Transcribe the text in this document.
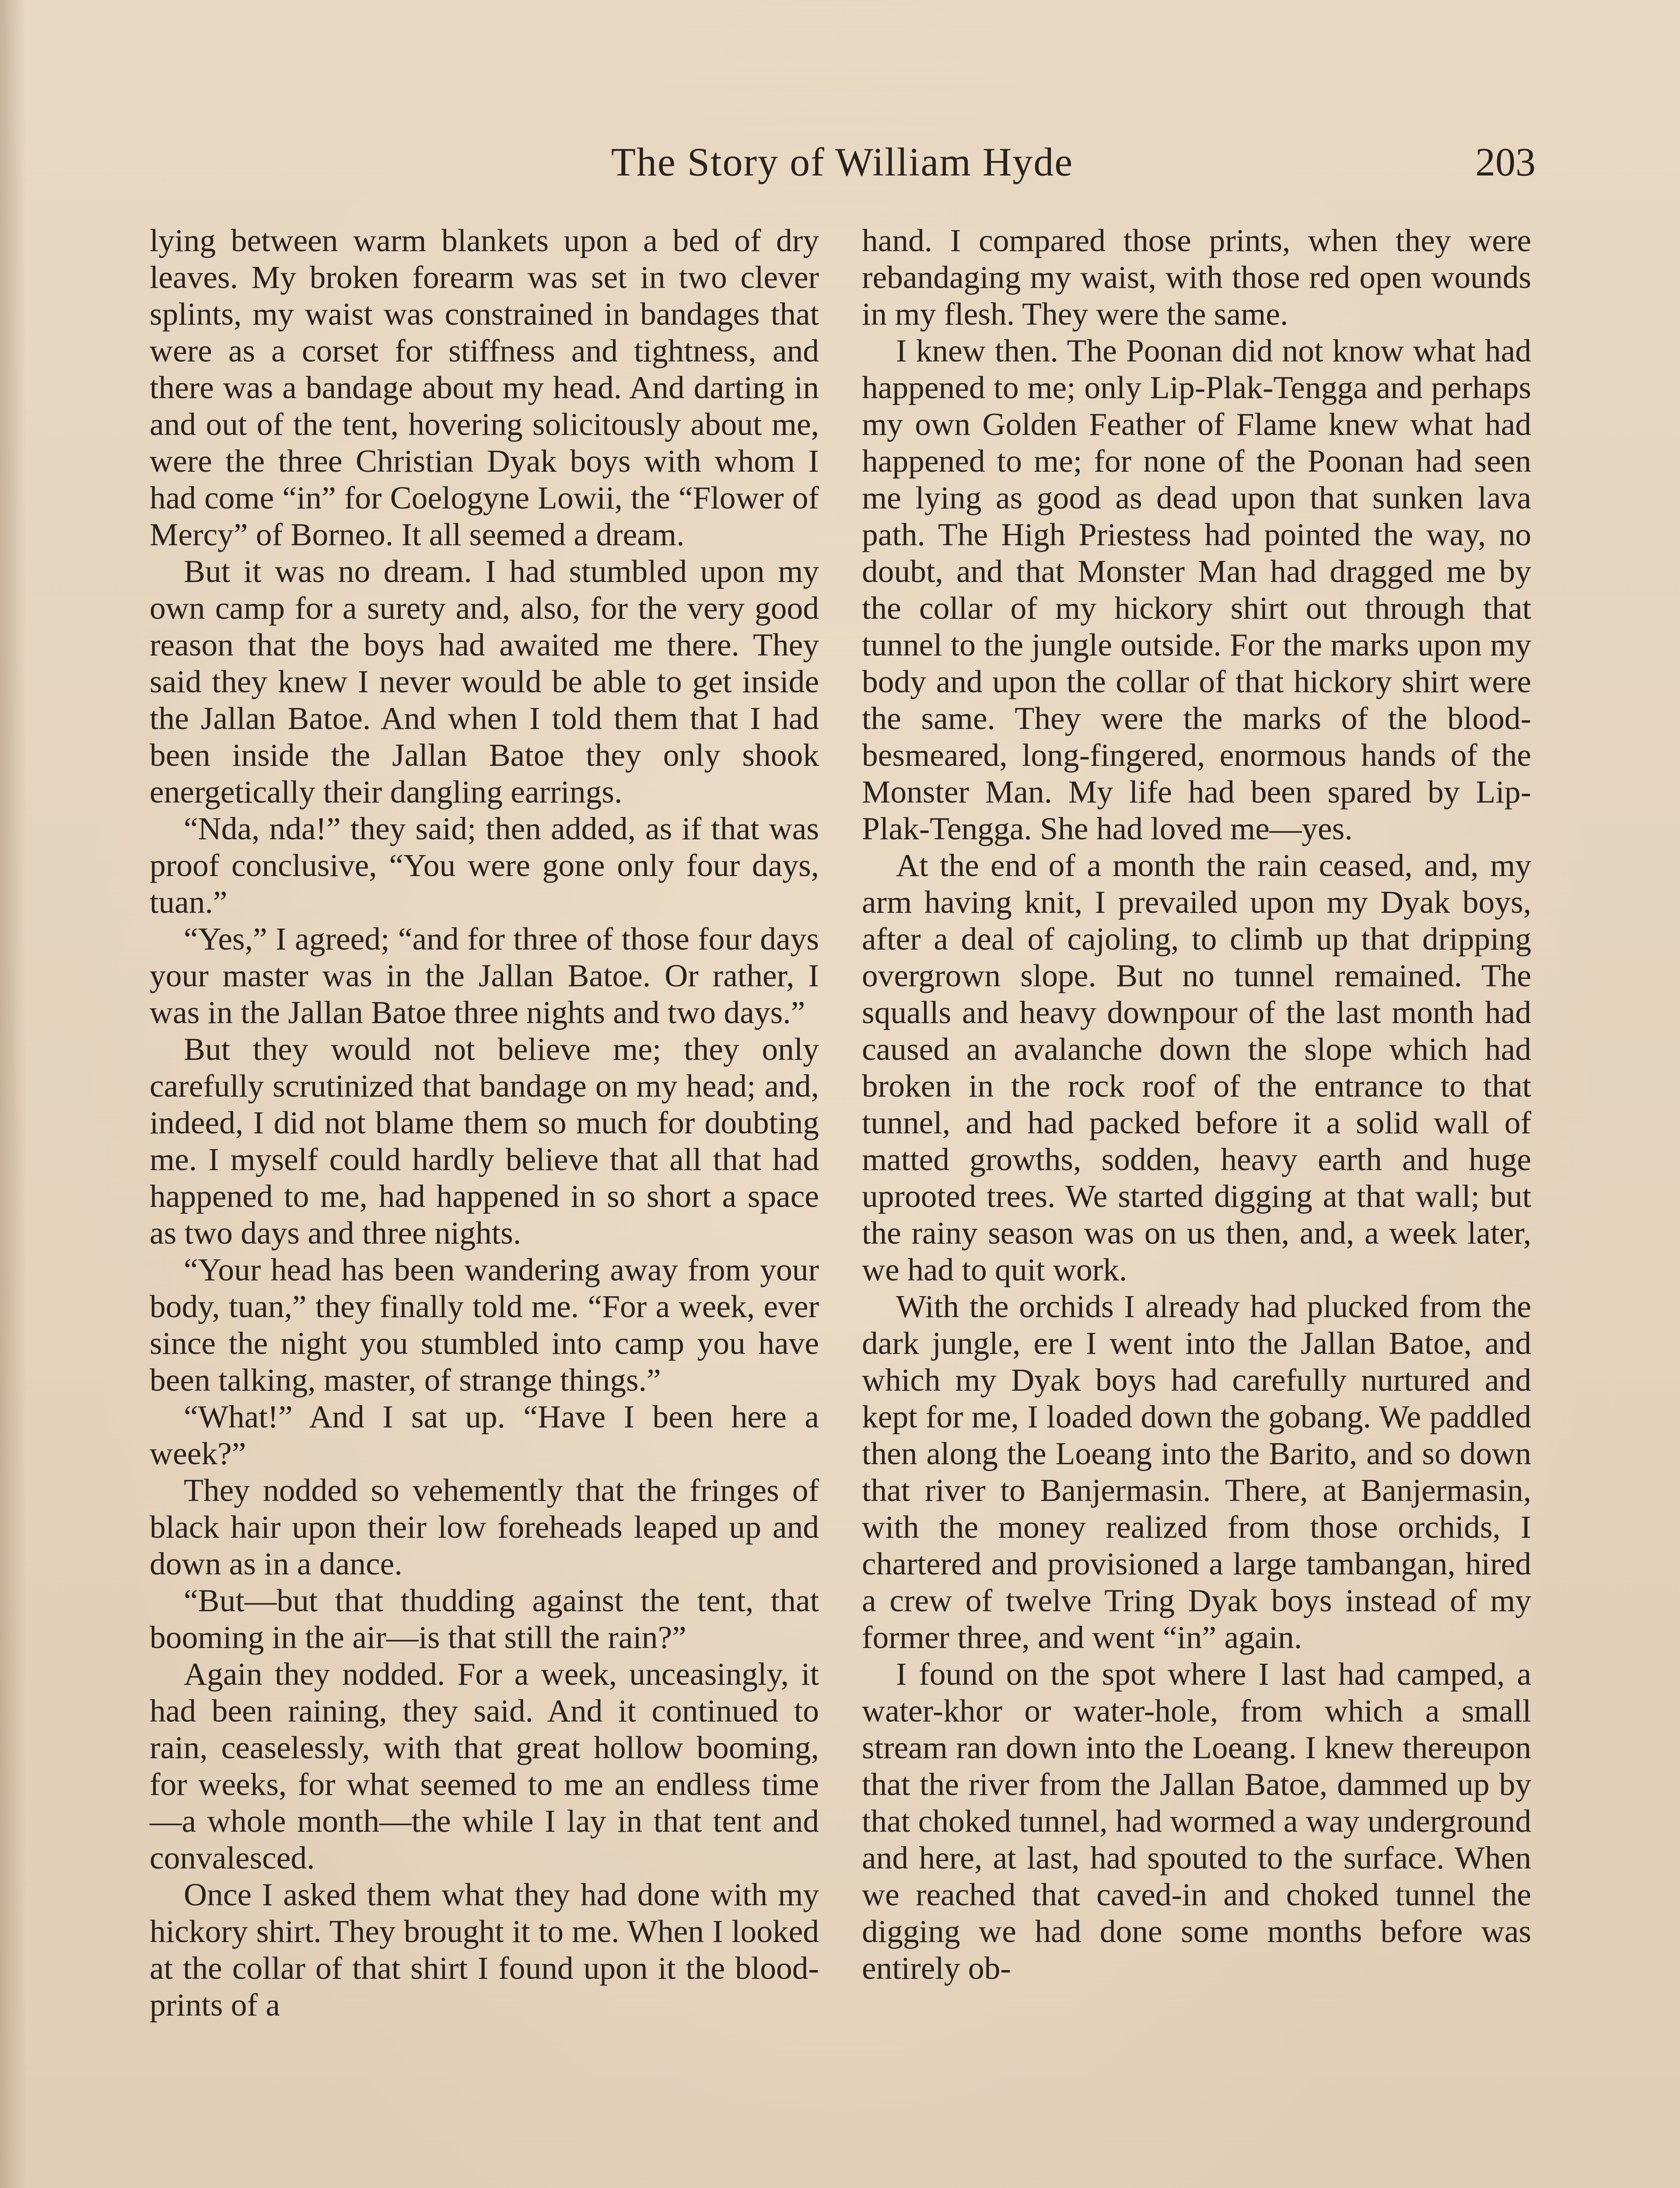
The Story of William Hyde	203

lying between warm blankets upon a bed of dry leaves. My broken forearm was set in two clever splints, my waist was constrained in bandages that were as a corset for stiffness and tightness, and there was a bandage about my head. And darting in and out of the tent, hovering solicitously about me, were the three Christian Dyak boys with whom I had come “in” for Coelogyne Lowii, the “Flower of Mercy” of Borneo. It all seemed a dream.

But it was no dream. I had stumbled upon my own camp for a surety and, also, for the very good reason that the boys had awaited me there. They said they knew I never would be able to get inside the Jallan Batoe. And when I told them that I had been inside the Jallan Batoe they only shook energetically their dangling earrings.

“Nda, nda!” they said; then added, as if that was proof conclusive, “You were gone only four days, tuan.”

“Yes,” I agreed; “and for three of those four days your master was in the Jallan Batoe. Or rather, I was in the Jallan Batoe three nights and two days.”

But they would not believe me; they only carefully scrutinized that bandage on my head; and, indeed, I did not blame them so much for doubting me. I myself could hardly believe that all that had happened to me, had happened in so short a space as two days and three nights.

“Your head has been wandering away from your body, tuan,” they finally told me. “For a week, ever since the night you stumbled into camp you have been talking, master, of strange things.”

“What!” And I sat up. “Have I been here a week?”

They nodded so vehemently that the fringes of black hair upon their low foreheads leaped up and down as in a dance.

“But—but that thudding against the tent, that booming in the air—is that still the rain?”

Again they nodded. For a week, unceasingly, it had been raining, they said. And it continued to rain, ceaselessly, with that great hollow booming, for weeks, for what seemed to me an endless time—a whole month—the while I lay in that tent and convalesced.

Once I asked them what they had done with my hickory shirt. They brought it to me. When I looked at the collar of that shirt I found upon it the blood-prints of a

hand. I compared those prints, when they were rebandaging my waist, with those red open wounds in my flesh. They were the same.

I knew then. The Poonan did not know what had happened to me; only Lip-Plak-Tengga and perhaps my own Golden Feather of Flame knew what had happened to me; for none of the Poonan had seen me lying as good as dead upon that sunken lava path. The High Priestess had pointed the way, no doubt, and that Monster Man had dragged me by the collar of my hickory shirt out through that tunnel to the jungle outside. For the marks upon my body and upon the collar of that hickory shirt were the same. They were the marks of the blood-besmeared, long-fingered, enormous hands of the Monster Man. My life had been spared by Lip-Plak-Tengga. She had loved me—yes.

At the end of a month the rain ceased, and, my arm having knit, I prevailed upon my Dyak boys, after a deal of cajoling, to climb up that dripping overgrown slope. But no tunnel remained. The squalls and heavy downpour of the last month had caused an avalanche down the slope which had broken in the rock roof of the entrance to that tunnel, and had packed before it a solid wall of matted growths, sodden, heavy earth and huge uprooted trees. We started digging at that wall; but the rainy season was on us then, and, a week later, we had to quit work.

With the orchids I already had plucked from the dark jungle, ere I went into the Jallan Batoe, and which my Dyak boys had carefully nurtured and kept for me, I loaded down the gobang. We paddled then along the Loeang into the Barito, and so down that river to Banjermasin. There, at Banjermasin, with the money realized from those orchids, I chartered and provisioned a large tambangan, hired a crew of twelve Tring Dyak boys instead of my former three, and went “in” again.

I found on the spot where I last had camped, a water-khor or water-hole, from which a small stream ran down into the Loeang. I knew thereupon that the river from the Jallan Batoe, dammed up by that choked tunnel, had wormed a way underground and here, at last, had spouted to the surface. When we reached that caved-in and choked tunnel the digging we had done some months before was entirely ob-
